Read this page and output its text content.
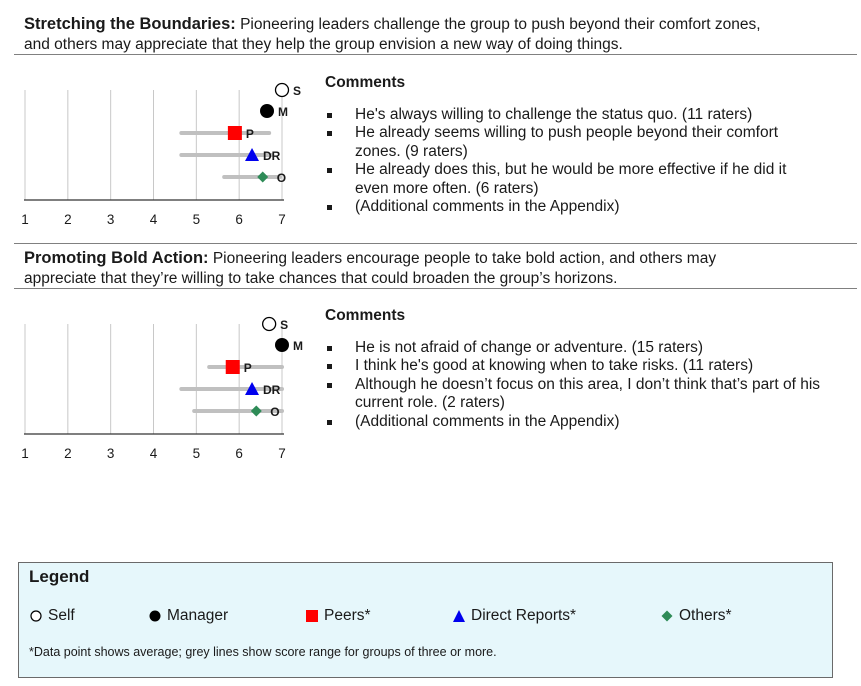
Stretching the Boundaries: Pioneering leaders challenge the group to push beyond their comfort zones,
and others may appreciate that they help the group envision a new way of doing things.
1	2	3	4	5	6	7
S
M
P
DR
O
Comments
He's always willing to challenge the status quo. (11 raters)
He already seems willing to push people beyond their comfort
zones. (9 raters)
He already does this, but he would be more effective if he did it
even more often. (6 raters)
(Additional comments in the Appendix)
Promoting Bold Action: Pioneering leaders encourage people to take bold action, and others may
appreciate that they’re willing to take chances that could broaden the group’s horizons.
1	2	3	4	5	6	7
S
M
P
DR
O
Comments
He is not afraid of change or adventure. (15 raters)
I think he's good at knowing when to take risks. (11 raters)
Although he doesn’t focus on this area, I don’t think that’s part of his
current role. (2 raters)
(Additional comments in the Appendix)
Legend
Self	Manager	Peers*	Direct Reports*	Others*
*Data point shows average; grey lines show score range for groups of three or more.
